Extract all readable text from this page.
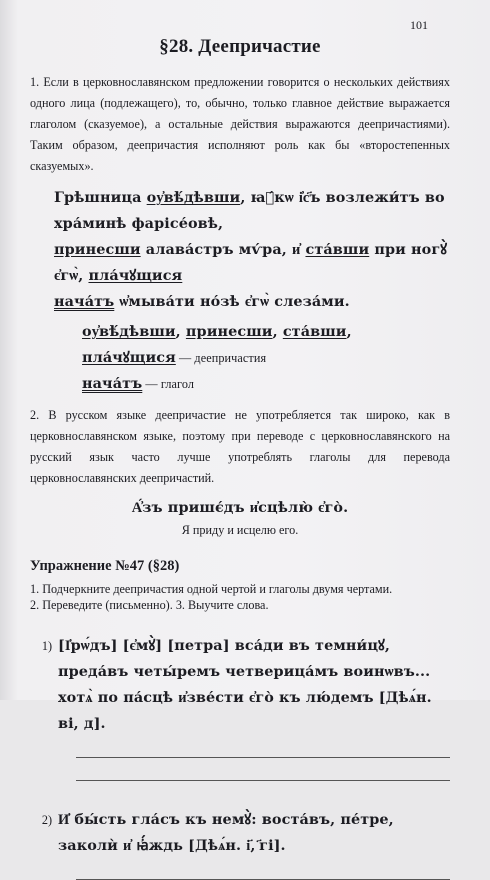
101
§28. Деепричастие

1. Если в церковнославянском предложении говорится о нескольких действиях одного лица (подлежащего), то, обычно, только главное действие выражается глаголом (сказуемое), а остальные действия выражаются деепричастиями). Таким образом, деепричастия исполняют роль как бы «второстепенных сказуемых».

Грѣшница оу҆вѣ́дѣвши, ꙗ҆́кѡ і҆с҃ъ возлежи́тъ во хра́минѣ фарісе́овѣ,
принесши алава́стръ мѵ́ра, и҆ ста́вши при ногꙋ̀ є҆гѡ̀, пла́чꙋщися
нача́тъ ѡ҆мыва́ти но́зѣ є҆гѡ̀ слеза́ми.
оу҆вѣ́дѣвши, принесши, ста́вши, пла́чꙋщися — деепричастия
нача́тъ — глагол

2. В русском языке деепричастие не употребляется так широко, как в церковнославянском языке, поэтому при переводе с церковнославянского на русский язык часто лучше употреблять глаголы для перевода церковнославянских деепричастий.

А҆́зъ пришє́дъ и҆сцѣлю̀ є҆го̀.
Я приду и исцелю его.
Упражнение №47 (§28)
1. Подчеркните деепричастия одной чертой и глаголы двумя чертами.
2. Переведите (письменно). 3. Выучите слова.
1) [І҆рѡ́дъ] [є҆мꙋ̀] [петра] вса́ди въ темни́цꙋ, преда́въ четы́ремъ четверица́мъ воинѡвъ... хотѧ̀ по па́сцѣ и҆зве́сти є҆го̀ къ лю́демъ [Дѣѧ́н. ві, д].
2) И҆ бы́сть гла́съ къ немꙋ̀: воста́въ, пе́тре, заколѝ и҆ ꙗ҆́ждь [Дѣѧ́н. і҃, ҃гі].
